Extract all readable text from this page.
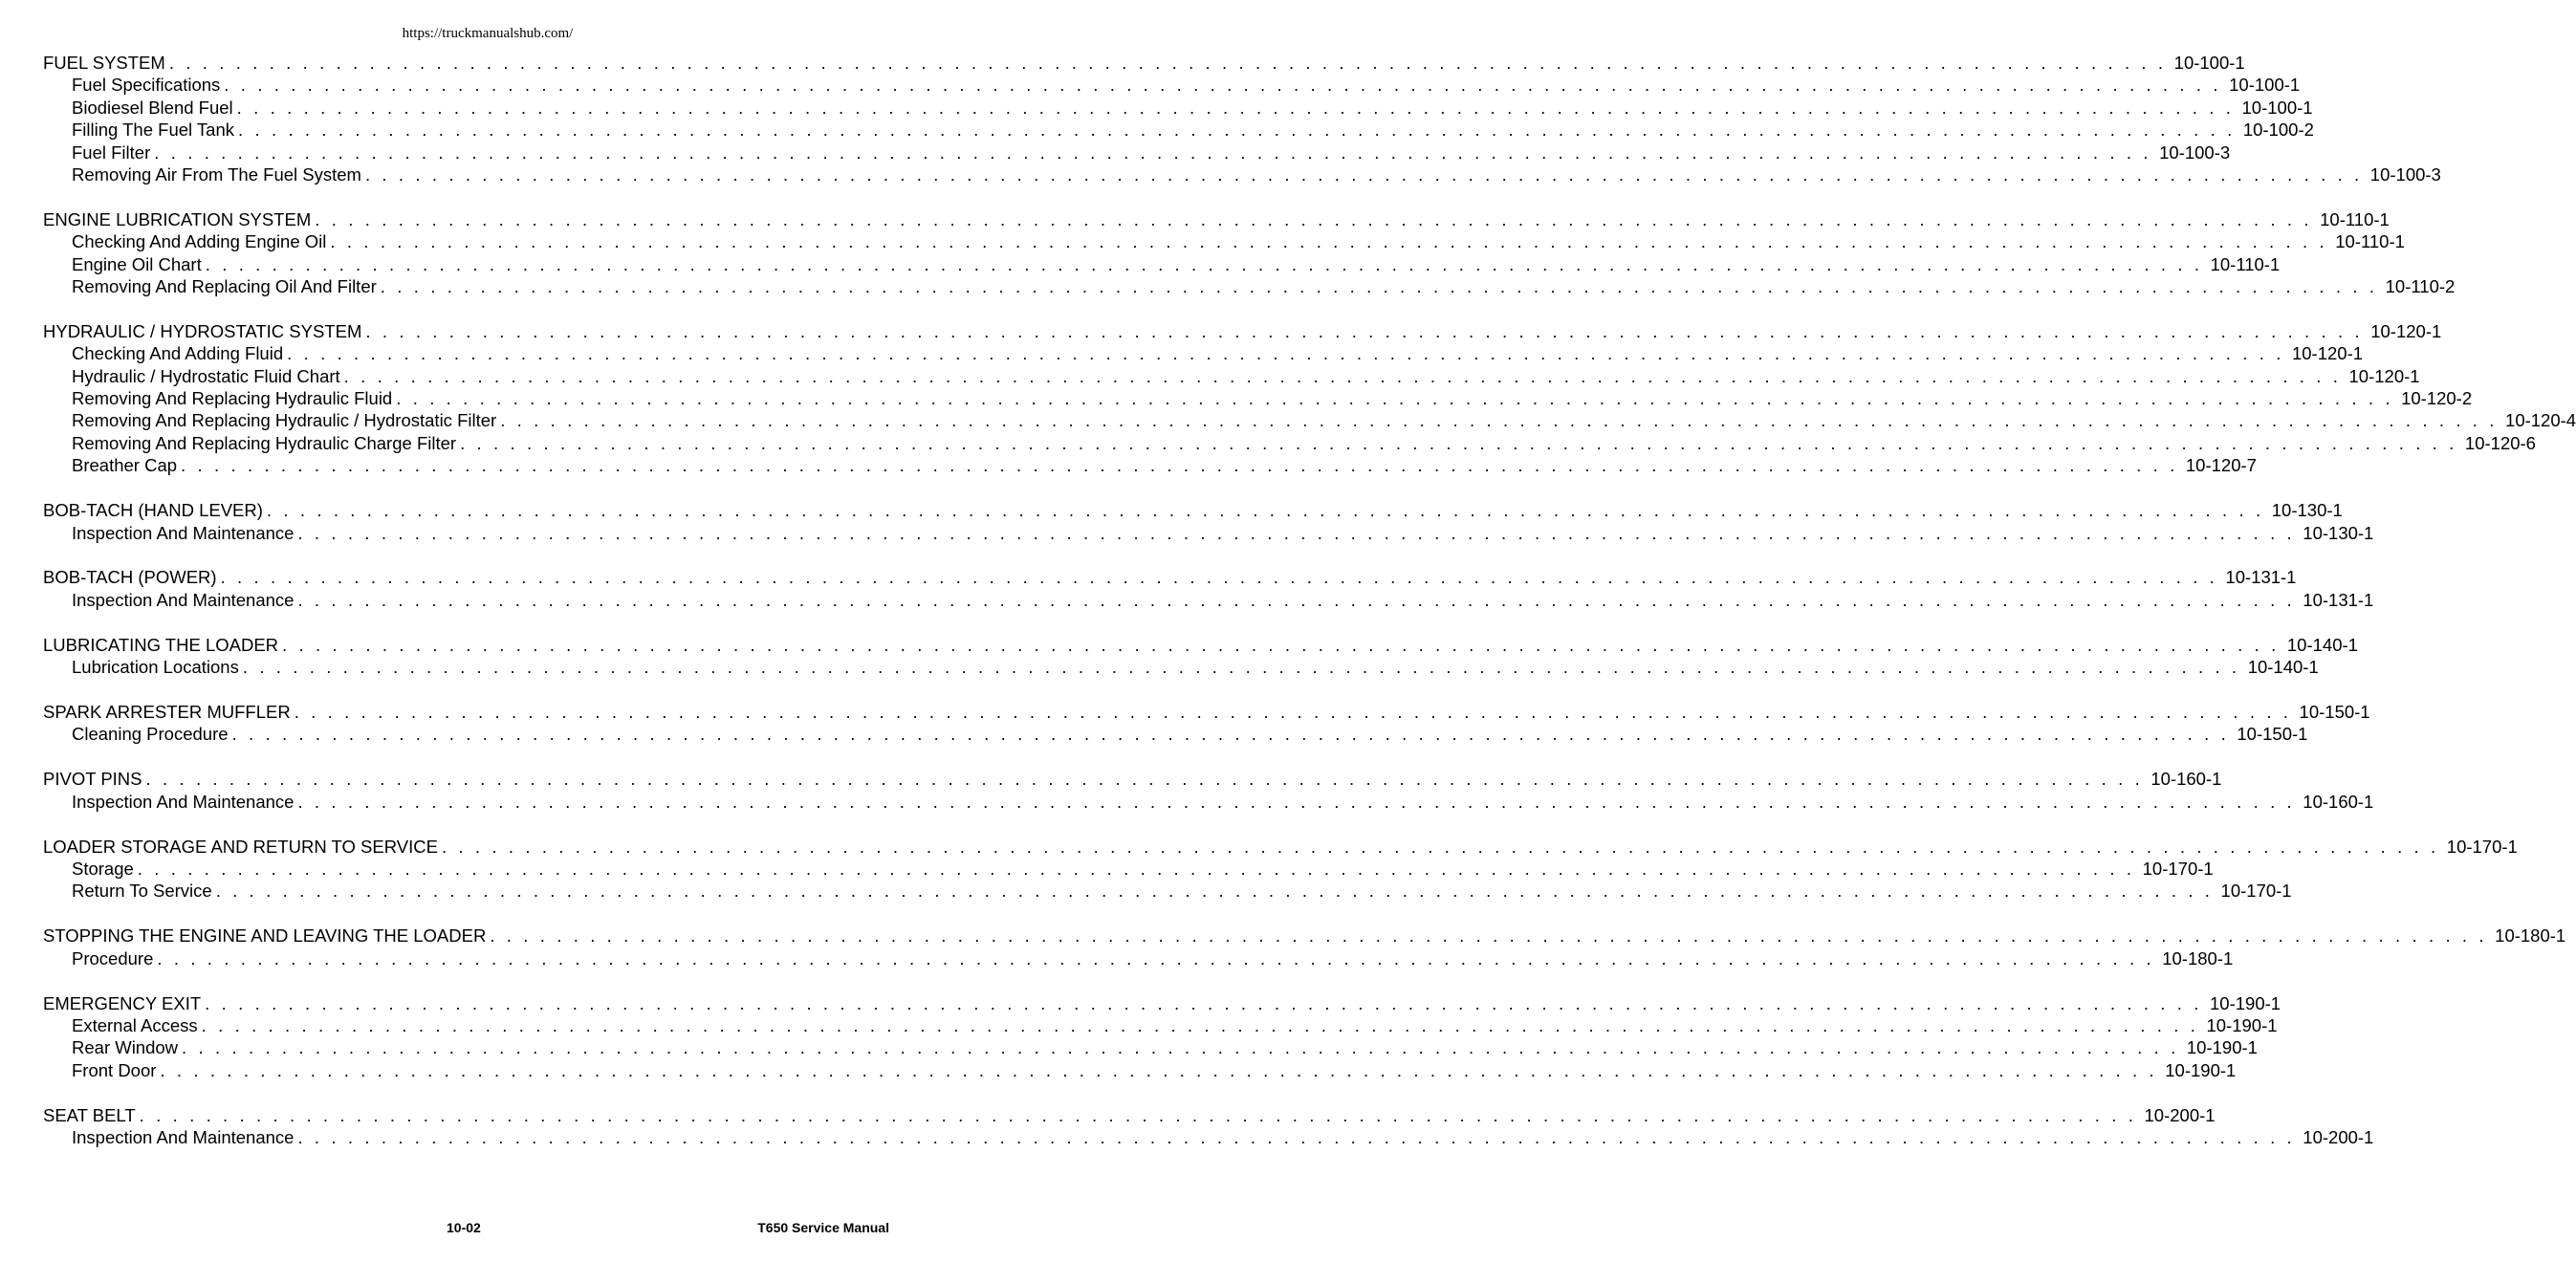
https://truckmanualshub.com/
FUEL SYSTEM . . . . . . . . . . . . . . . . . . . . . . . . . . . . . . . . . . . . . . . . . . . . . . . . . . . . . . . . . . . . . . . . . . . . . . . . . . . . . . . . . . . . . . . . . . . . . . . . . . . . . . . . . . . . . . . . . . . . . . . . 10-100-1
Fuel Specifications . . . . . . . . . . . . . . . . . . . . . . . . . . . . . . . . . . . . . . . . . . . . . . . . . . . . . . . . . . . . . . . . . . . . . . . . . . . . . . . . . . . . . . . . . . . . . . . . . . . . . . . . . . . . . . . . . . . . . . . . 10-100-1
Biodiesel Blend Fuel . . . . . . . . . . . . . . . . . . . . . . . . . . . . . . . . . . . . . . . . . . . . . . . . . . . . . . . . . . . . . . . . . . . . . . . . . . . . . . . . . . . . . . . . . . . . . . . . . . . . . . . . . . . . . . . . . . . . . . . . 10-100-1
Filling The Fuel Tank . . . . . . . . . . . . . . . . . . . . . . . . . . . . . . . . . . . . . . . . . . . . . . . . . . . . . . . . . . . . . . . . . . . . . . . . . . . . . . . . . . . . . . . . . . . . . . . . . . . . . . . . . . . . . . . . . . . . . . . . 10-100-2
Fuel Filter . . . . . . . . . . . . . . . . . . . . . . . . . . . . . . . . . . . . . . . . . . . . . . . . . . . . . . . . . . . . . . . . . . . . . . . . . . . . . . . . . . . . . . . . . . . . . . . . . . . . . . . . . . . . . . . . . . . . . . . . 10-100-3
Removing Air From The Fuel System . . . . . . . . . . . . . . . . . . . . . . . . . . . . . . . . . . . . . . . . . . . . . . . . . . . . . . . . . . . . . . . . . . . . . . . . . . . . . . . . . . . . . . . . . . . . . . . . . . . . . . . . . . . . . . . . . . . . . . . . 10-100-3
ENGINE LUBRICATION SYSTEM . . . . . . . . . . . . . . . . . . . . . . . . . . . . . . . . . . . . . . . . . . . . . . . . . . . . . . . . . . . . . . . . . . . . . . . . . . . . . . . . . . . . . . . . . . . . . . . . . . . . . . . . . . . . . . . . . . . . . . . . 10-110-1
Checking And Adding Engine Oil . . . . . . . . . . . . . . . . . . . . . . . . . . . . . . . . . . . . . . . . . . . . . . . . . . . . . . . . . . . . . . . . . . . . . . . . . . . . . . . . . . . . . . . . . . . . . . . . . . . . . . . . . . . . . . . . . . . . . . . . 10-110-1
Engine Oil Chart . . . . . . . . . . . . . . . . . . . . . . . . . . . . . . . . . . . . . . . . . . . . . . . . . . . . . . . . . . . . . . . . . . . . . . . . . . . . . . . . . . . . . . . . . . . . . . . . . . . . . . . . . . . . . . . . . . . . . . . . 10-110-1
Removing And Replacing Oil And Filter . . . . . . . . . . . . . . . . . . . . . . . . . . . . . . . . . . . . . . . . . . . . . . . . . . . . . . . . . . . . . . . . . . . . . . . . . . . . . . . . . . . . . . . . . . . . . . . . . . . . . . . . . . . . . . . . . . . . . . . . 10-110-2
HYDRAULIC / HYDROSTATIC SYSTEM . . . . . . . . . . . . . . . . . . . . . . . . . . . . . . . . . . . . . . . . . . . . . . . . . . . . . . . . . . . . . . . . . . . . . . . . . . . . . . . . . . . . . . . . . . . . . . . . . . . . . . . . . . . . . . . . . . . . . . . . 10-120-1
Checking And Adding Fluid . . . . . . . . . . . . . . . . . . . . . . . . . . . . . . . . . . . . . . . . . . . . . . . . . . . . . . . . . . . . . . . . . . . . . . . . . . . . . . . . . . . . . . . . . . . . . . . . . . . . . . . . . . . . . . . . . . . . . . . . 10-120-1
Hydraulic / Hydrostatic Fluid Chart . . . . . . . . . . . . . . . . . . . . . . . . . . . . . . . . . . . . . . . . . . . . . . . . . . . . . . . . . . . . . . . . . . . . . . . . . . . . . . . . . . . . . . . . . . . . . . . . . . . . . . . . . . . . . . . . . . . . . . . . 10-120-1
Removing And Replacing Hydraulic Fluid . . . . . . . . . . . . . . . . . . . . . . . . . . . . . . . . . . . . . . . . . . . . . . . . . . . . . . . . . . . . . . . . . . . . . . . . . . . . . . . . . . . . . . . . . . . . . . . . . . . . . . . . . . . . . . . . . . . . . . . . 10-120-2
Removing And Replacing Hydraulic / Hydrostatic Filter . . . . . . . . . . . . . . . . . . . . . . . . . . . . . . . . . . . . . . . . . . . . . . . . . . . . . . . . . . . . . . . . . . . . . . . . . . . . . . . . . . . . . . . . . . . . . . . . . . . . . . . . . . . . . . . . . . . . . . . . 10-120-4
Removing And Replacing Hydraulic Charge Filter . . . . . . . . . . . . . . . . . . . . . . . . . . . . . . . . . . . . . . . . . . . . . . . . . . . . . . . . . . . . . . . . . . . . . . . . . . . . . . . . . . . . . . . . . . . . . . . . . . . . . . . . . . . . . . . . . . . . . . . . 10-120-6
Breather Cap . . . . . . . . . . . . . . . . . . . . . . . . . . . . . . . . . . . . . . . . . . . . . . . . . . . . . . . . . . . . . . . . . . . . . . . . . . . . . . . . . . . . . . . . . . . . . . . . . . . . . . . . . . . . . . . . . . . . . . . . 10-120-7
BOB-TACH (HAND LEVER) . . . . . . . . . . . . . . . . . . . . . . . . . . . . . . . . . . . . . . . . . . . . . . . . . . . . . . . . . . . . . . . . . . . . . . . . . . . . . . . . . . . . . . . . . . . . . . . . . . . . . . . . . . . . . . . . . . . . . . . . 10-130-1
Inspection And Maintenance . . . . . . . . . . . . . . . . . . . . . . . . . . . . . . . . . . . . . . . . . . . . . . . . . . . . . . . . . . . . . . . . . . . . . . . . . . . . . . . . . . . . . . . . . . . . . . . . . . . . . . . . . . . . . . . . . . . . . . . . 10-130-1
BOB-TACH (POWER) . . . . . . . . . . . . . . . . . . . . . . . . . . . . . . . . . . . . . . . . . . . . . . . . . . . . . . . . . . . . . . . . . . . . . . . . . . . . . . . . . . . . . . . . . . . . . . . . . . . . . . . . . . . . . . . . . . . . . . . . 10-131-1
Inspection And Maintenance . . . . . . . . . . . . . . . . . . . . . . . . . . . . . . . . . . . . . . . . . . . . . . . . . . . . . . . . . . . . . . . . . . . . . . . . . . . . . . . . . . . . . . . . . . . . . . . . . . . . . . . . . . . . . . . . . . . . . . . . 10-131-1
LUBRICATING THE LOADER . . . . . . . . . . . . . . . . . . . . . . . . . . . . . . . . . . . . . . . . . . . . . . . . . . . . . . . . . . . . . . . . . . . . . . . . . . . . . . . . . . . . . . . . . . . . . . . . . . . . . . . . . . . . . . . . . . . . . . . . 10-140-1
Lubrication Locations . . . . . . . . . . . . . . . . . . . . . . . . . . . . . . . . . . . . . . . . . . . . . . . . . . . . . . . . . . . . . . . . . . . . . . . . . . . . . . . . . . . . . . . . . . . . . . . . . . . . . . . . . . . . . . . . . . . . . . . . 10-140-1
SPARK ARRESTER MUFFLER . . . . . . . . . . . . . . . . . . . . . . . . . . . . . . . . . . . . . . . . . . . . . . . . . . . . . . . . . . . . . . . . . . . . . . . . . . . . . . . . . . . . . . . . . . . . . . . . . . . . . . . . . . . . . . . . . . . . . . . . 10-150-1
Cleaning Procedure . . . . . . . . . . . . . . . . . . . . . . . . . . . . . . . . . . . . . . . . . . . . . . . . . . . . . . . . . . . . . . . . . . . . . . . . . . . . . . . . . . . . . . . . . . . . . . . . . . . . . . . . . . . . . . . . . . . . . . . . 10-150-1
PIVOT PINS . . . . . . . . . . . . . . . . . . . . . . . . . . . . . . . . . . . . . . . . . . . . . . . . . . . . . . . . . . . . . . . . . . . . . . . . . . . . . . . . . . . . . . . . . . . . . . . . . . . . . . . . . . . . . . . . . . . . . . . . 10-160-1
Inspection And Maintenance . . . . . . . . . . . . . . . . . . . . . . . . . . . . . . . . . . . . . . . . . . . . . . . . . . . . . . . . . . . . . . . . . . . . . . . . . . . . . . . . . . . . . . . . . . . . . . . . . . . . . . . . . . . . . . . . . . . . . . . . 10-160-1
LOADER STORAGE AND RETURN TO SERVICE . . . . . . . . . . . . . . . . . . . . . . . . . . . . . . . . . . . . . . . . . . . . . . . . . . . . . . . . . . . . . . . . . . . . . . . . . . . . . . . . . . . . . . . . . . . . . . . . . . . . . . . . . . . . . . . . . . . . . . . . 10-170-1
Storage . . . . . . . . . . . . . . . . . . . . . . . . . . . . . . . . . . . . . . . . . . . . . . . . . . . . . . . . . . . . . . . . . . . . . . . . . . . . . . . . . . . . . . . . . . . . . . . . . . . . . . . . . . . . . . . . . . . . . . . . 10-170-1
Return To Service . . . . . . . . . . . . . . . . . . . . . . . . . . . . . . . . . . . . . . . . . . . . . . . . . . . . . . . . . . . . . . . . . . . . . . . . . . . . . . . . . . . . . . . . . . . . . . . . . . . . . . . . . . . . . . . . . . . . . . . . 10-170-1
STOPPING THE ENGINE AND LEAVING THE LOADER . . . . . . . . . . . . . . . . . . . . . . . . . . . . . . . . . . . . . . . . . . . . . . . . . . . . . . . . . . . . . . . . . . . . . . . . . . . . . . . . . . . . . . . . . . . . . . . . . . . . . . . . . . . . . . . . . . . . . . . . 10-180-1
Procedure . . . . . . . . . . . . . . . . . . . . . . . . . . . . . . . . . . . . . . . . . . . . . . . . . . . . . . . . . . . . . . . . . . . . . . . . . . . . . . . . . . . . . . . . . . . . . . . . . . . . . . . . . . . . . . . . . . . . . . . . 10-180-1
EMERGENCY EXIT . . . . . . . . . . . . . . . . . . . . . . . . . . . . . . . . . . . . . . . . . . . . . . . . . . . . . . . . . . . . . . . . . . . . . . . . . . . . . . . . . . . . . . . . . . . . . . . . . . . . . . . . . . . . . . . . . . . . . . . . 10-190-1
External Access . . . . . . . . . . . . . . . . . . . . . . . . . . . . . . . . . . . . . . . . . . . . . . . . . . . . . . . . . . . . . . . . . . . . . . . . . . . . . . . . . . . . . . . . . . . . . . . . . . . . . . . . . . . . . . . . . . . . . . . . 10-190-1
Rear Window . . . . . . . . . . . . . . . . . . . . . . . . . . . . . . . . . . . . . . . . . . . . . . . . . . . . . . . . . . . . . . . . . . . . . . . . . . . . . . . . . . . . . . . . . . . . . . . . . . . . . . . . . . . . . . . . . . . . . . . . 10-190-1
Front Door . . . . . . . . . . . . . . . . . . . . . . . . . . . . . . . . . . . . . . . . . . . . . . . . . . . . . . . . . . . . . . . . . . . . . . . . . . . . . . . . . . . . . . . . . . . . . . . . . . . . . . . . . . . . . . . . . . . . . . . . 10-190-1
SEAT BELT . . . . . . . . . . . . . . . . . . . . . . . . . . . . . . . . . . . . . . . . . . . . . . . . . . . . . . . . . . . . . . . . . . . . . . . . . . . . . . . . . . . . . . . . . . . . . . . . . . . . . . . . . . . . . . . . . . . . . . . . 10-200-1
Inspection And Maintenance . . . . . . . . . . . . . . . . . . . . . . . . . . . . . . . . . . . . . . . . . . . . . . . . . . . . . . . . . . . . . . . . . . . . . . . . . . . . . . . . . . . . . . . . . . . . . . . . . . . . . . . . . . . . . . . . . . . . . . . . 10-200-1
10-02	T650 Service Manual
